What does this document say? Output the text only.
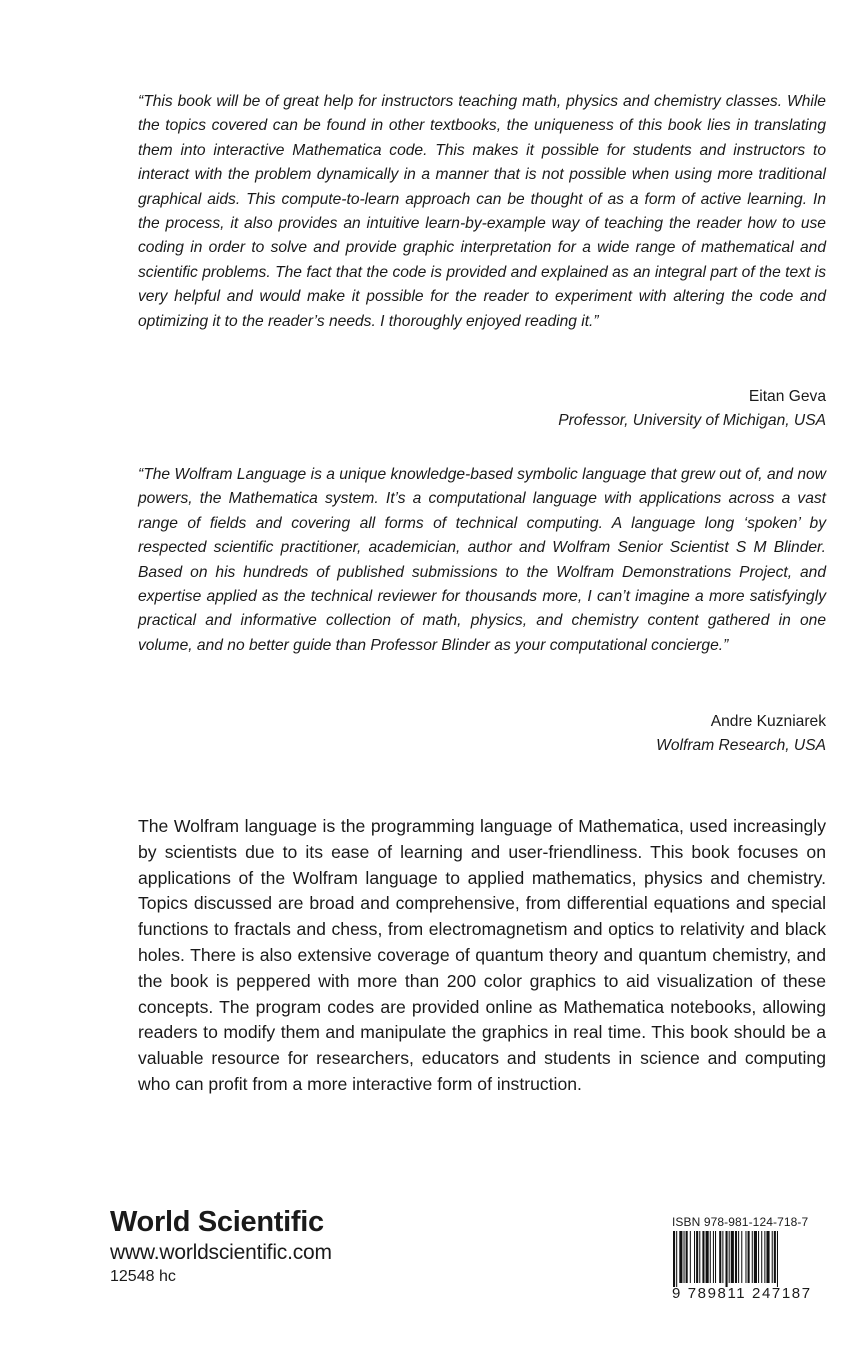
“This book will be of great help for instructors teaching math, physics and chemistry classes. While the topics covered can be found in other textbooks, the uniqueness of this book lies in translating them into interactive Mathematica code. This makes it possible for students and instructors to interact with the problem dynamically in a manner that is not possible when using more traditional graphical aids. This compute-to-learn approach can be thought of as a form of active learning. In the process, it also provides an intuitive learn-by-example way of teaching the reader how to use coding in order to solve and provide graphic interpretation for a wide range of mathematical and scientific problems. The fact that the code is provided and explained as an integral part of the text is very helpful and would make it possible for the reader to experiment with altering the code and optimizing it to the reader’s needs. I thoroughly enjoyed reading it.”

Eitan Geva
Professor, University of Michigan, USA

“The Wolfram Language is a unique knowledge-based symbolic language that grew out of, and now powers, the Mathematica system. It’s a computational language with applications across a vast range of fields and covering all forms of technical computing. A language long ‘spoken’ by respected scientific practitioner, academician, author and Wolfram Senior Scientist S M Blinder. Based on his hundreds of published submissions to the Wolfram Demonstrations Project, and expertise applied as the technical reviewer for thousands more, I can’t imagine a more satisfyingly practical and informative collection of math, physics, and chemistry content gathered in one volume, and no better guide than Professor Blinder as your computational concierge.”

Andre Kuzniarek
Wolfram Research, USA

The Wolfram language is the programming language of Mathematica, used increasingly by scientists due to its ease of learning and user-friendliness. This book focuses on applications of the Wolfram language to applied mathematics, physics and chemistry. Topics discussed are broad and comprehensive, from differential equations and special functions to fractals and chess, from electromagnetism and optics to relativity and black holes. There is also extensive coverage of quantum theory and quantum chemistry, and the book is peppered with more than 200 color graphics to aid visualization of these concepts. The program codes are provided online as Mathematica notebooks, allowing readers to modify them and manipulate the graphics in real time. This book should be a valuable resource for researchers, educators and students in science and computing who can profit from a more interactive form of instruction.

World Scientific
www.worldscientific.com
12548 hc
ISBN 978-981-124-718-7
9 789811 247187
